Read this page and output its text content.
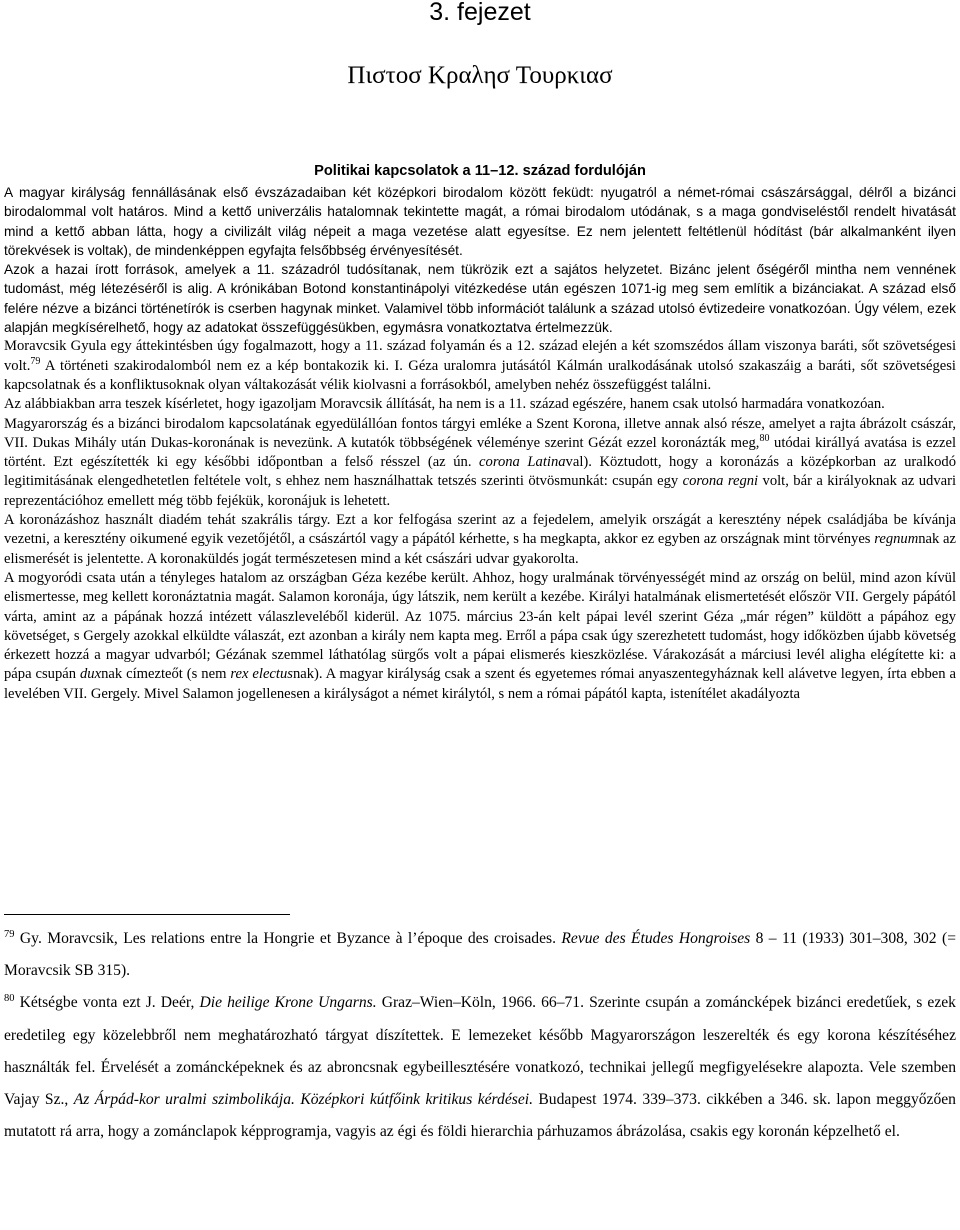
3. fejezet
Πιστοσ Κραλησ Τουρκιασ
Politikai kapcsolatok a 11–12. század fordulóján

A magyar királyság fennállásának első évszázadaiban két középkori birodalom között feküdt: nyugatról a német-római császársággal, délről a bizánci birodalommal volt határos. Mind a kettő univerzális hatalomnak tekintette magát, a római birodalom utódának, s a maga gondviseléstől rendelt hivatását mind a kettő abban látta, hogy a civilizált világ népeit a maga vezetése alatt egyesítse. Ez nem jelentett feltétlenül hódítást (bár alkalmanként ilyen törekvések is voltak), de mindenképpen egyfajta felsőbbség érvényesítését.

Azok a hazai írott források, amelyek a 11. századról tudósítanak, nem tükrözik ezt a sajátos helyzetet. Bizánc jelent őségéről mintha nem vennének tudomást, még létezéséről is alig. A krónikában Botond konstantinápolyi vitézkedése után egészen 1071-ig meg sem említik a bizánciakat. A század első felére nézve a bizánci történetírók is cserben hagynak minket. Valamivel több információt találunk a század utolsó évtizedeire vonatkozóan. Úgy vélem, ezek alapján megkísérelhető, hogy az adatokat összefüggésükben, egymásra vonatkoztatva értelmezzük.

Moravcsik Gyula egy áttekintésben úgy fogalmazott, hogy a 11. század folyamán és a 12. század elején a két szomszédos állam viszonya baráti, sőt szövetségesi volt.$^{79}$ A történeti szakirodalomból nem ez a kép bontakozik ki. I. Géza uralomra jutásától Kálmán uralkodásának utolsó szakaszáig a baráti, sőt szövetségesi kapcsolatnak és a konfliktusoknak olyan váltakozását vélik kiolvasni a forrásokból, amelyben nehéz összefüggést találni.

Az alábbiakban arra teszek kísérletet, hogy igazoljam Moravcsik állítását, ha nem is a 11. század egészére, hanem csak utolsó harmadára vonatkozóan.

Magyarország és a bizánci birodalom kapcsolatának egyedülállóan fontos tárgyi emléke a Szent Korona, illetve annak alsó része, amelyet a rajta ábrázolt császár, VII. Dukas Mihály után Dukas-koronának is nevezünk. A kutatók többségének véleménye szerint Gézát ezzel koronázták meg,$^{80}$ utódai királlyá avatása is ezzel történt. Ezt egészítették ki egy későbbi időpontban a felső résszel (az ún. corona Latinaval). Köztudott, hogy a koronázás a középkorban az uralkodó legitimitásának elengedhetetlen feltétele volt, s ehhez nem használhattak tetszés szerinti ötvösmunkát: csupán egy corona regni volt, bár a királyoknak az udvari reprezentációhoz emellett még több fejékük, koronájuk is lehetett.

A koronázáshoz használt diadém tehát szakrális tárgy. Ezt a kor felfogása szerint az a fejedelem, amelyik országát a keresztény népek családjába be kívánja vezetni, a keresztény oikumené egyik vezetőjétől, a császártól vagy a pápától kérhette, s ha megkapta, akkor ez egyben az országnak mint törvényes regnumnak az elismerését is jelentette. A koronaküldés jogát természetesen mind a két császári udvar gyakorolta.

A mogyoródi csata után a tényleges hatalom az országban Géza kezébe került. Ahhoz, hogy uralmának törvényességét mind az ország on belül, mind azon kívül elismertesse, meg kellett koronáztatnia magát. Salamon koronája, úgy látszik, nem került a kezébe. Királyi hatalmának elismertetését először VII. Gergely pápától várta, amint az a pápának hozzá intézett válaszleveléből kiderül. Az 1075. március 23-án kelt pápai levél szerint Géza „már régen” küldött a pápához egy követséget, s Gergely azokkal elküldte válaszát, ezt azonban a király nem kapta meg. Erről a pápa csak úgy szerezhetett tudomást, hogy időközben újabb követség érkezett hozzá a magyar udvarból; Gézának szemmel láthatólag sürgős volt a pápai elismerés kieszközlése. Várakozását a márciusi levél aligha elégítette ki: a pápa csupán duxnak címezteőt (s nem rex electusnak). A magyar királyság csak a szent és egyetemes római anyaszentegyháznak kell alávetve legyen, írta ebben a levelében VII. Gergely. Mivel Salamon jogellenesen a királyságot a német királytól, s nem a római pápától kapta, istenítélet akadályozta

$^{79}$ Gy. Moravcsik, Les relations entre la Hongrie et Byzance à l’époque des croisades. Revue des Études Hongroises 8 – 11 (1933) 301–308, 302 (= Moravcsik SB 315).

$^{80}$ Kétségbe vonta ezt J. Deér, Die heilige Krone Ungarns. Graz–Wien–Köln, 1966. 66–71. Szerinte csupán a zománcképek bizánci eredetűek, s ezek eredetileg egy közelebbről nem meghatározható tárgyat díszítettek. E lemezeket később Magyarországon leszerelték és egy korona készítéséhez használták fel. Érvelését a zománcképeknek és az abroncsnak egybeillesztésére vonatkozó, technikai jellegű megfigyelésekre alapozta. Vele szemben Vajay Sz., Az Árpád-kor uralmi szimbolikája. Középkori kútfőink kritikus kérdései. Budapest 1974. 339–373. cikkében a 346. sk. lapon meggyőzően mutatott rá arra, hogy a zománclapok képprogramja, vagyis az égi és földi hierarchia párhuzamos ábrázolása, csakis egy koronán képzelhető el.
